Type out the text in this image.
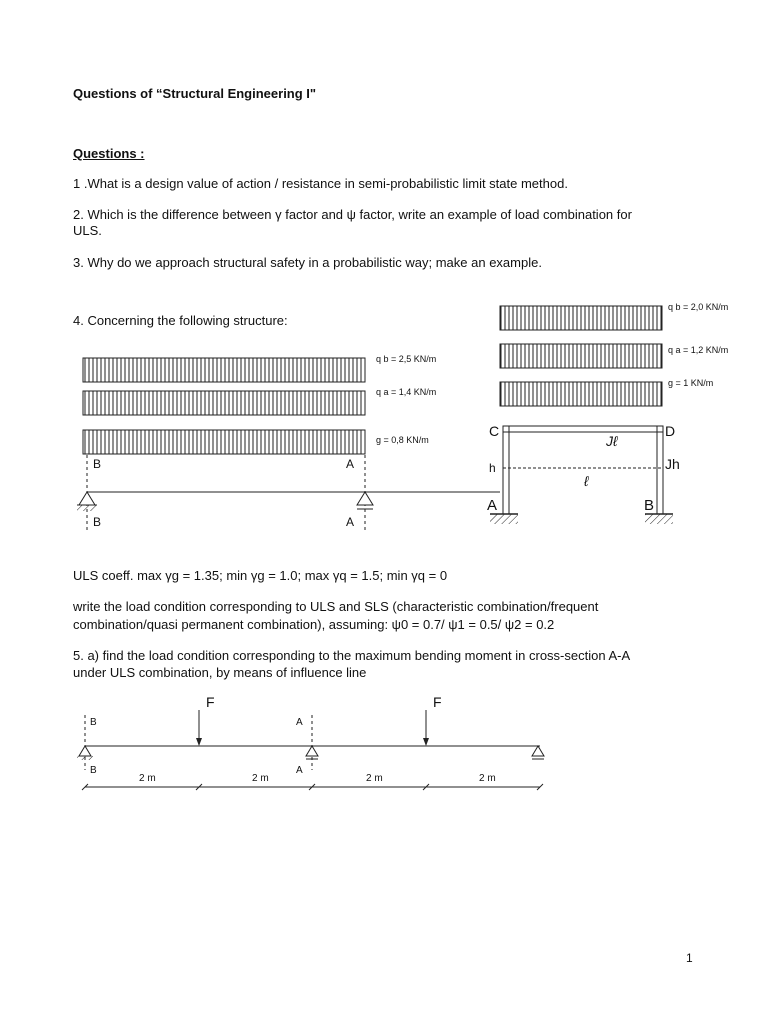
Questions of “Structural Engineering I"
Questions :
1 .What is a design value of action / resistance in semi-probabilistic limit state method.
2. Which is the difference between γ factor and ψ factor, write an example of load combination for
ULS.
3. Why do we approach structural safety in a probabilistic way; make an example.
4. Concerning the following structure:
ULS coeff. max γg = 1.35; min γg = 1.0; max γq = 1.5; min γq = 0
write the load condition corresponding to ULS and SLS (characteristic combination/frequent
combination/quasi permanent combination), assuming: ψ0 = 0.7/ ψ1 = 0.5/ ψ2 = 0.2
5. a) find the load condition corresponding to the maximum bending moment in cross-section A-A
under ULS combination, by means of influence line
1
q b = 2,5 KN/m
q a = 1,4 KN/m
g = 0,8 KN/m
B	A
B	A
q b = 2,0 KN/m
q a = 1,2 KN/m
g = 1 KN/m
C	D
Jℓ
Jh
h
ℓ
A	B
F	F
B	A
B	A
2 m	2 m	2 m	2 m
